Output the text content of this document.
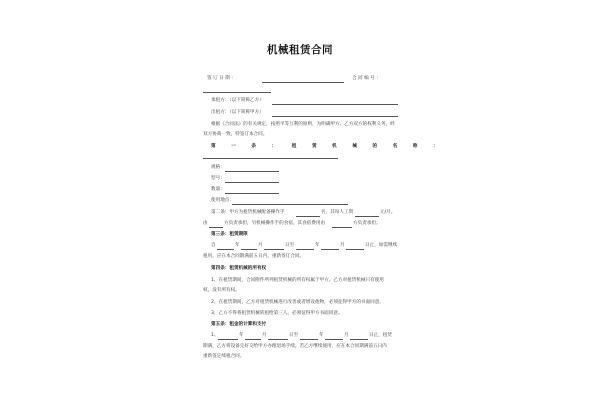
机械租赁合同
签 订 日 期 ：	合 同 编 号 ：
承租方：（以下简称乙方）
出租方：（以下简称甲方）
根据《合同法》的有关规定，按照平等互利的原则，为明确甲方、乙方双方的权利义务，经
双方协商一致，特签订本合同。
第 一 条 ： 租 赁 机 械 的 名 称 ：
规格：
型号：
数量：
使用地点：
第二条：甲方为租赁机械配备操作手	名，其每人工资	元/月。
由	方负责承担，另机械操作手的食宿，其食宿费用由	方负责承担。
第三条：租赁期限
自	年	月	日至	年	月	日止，如需继续
租用，应在本合同期满前五日内，重新签订合同。
第四条：租赁机械的所有权
1、在租赁期间，合同附件所列租赁机械的所有权属于甲方。乙方对租赁机械只有使用
权，没有所有权。
2、在租赁期间，乙方对租赁机械进行改善或者增设他物，必须征得甲方的书面同意。
3、乙方不得将租赁机械转租给第三人，必须征得甲方书面同意。
第五条：租金的计算和支付
1、	年	月	日至	年	月	日止，租赁
期满，乙方将设备完好交给甲方办理退场手续，若乙方继续使用，应在本合同期满前五日内
重新签定续租合同。
